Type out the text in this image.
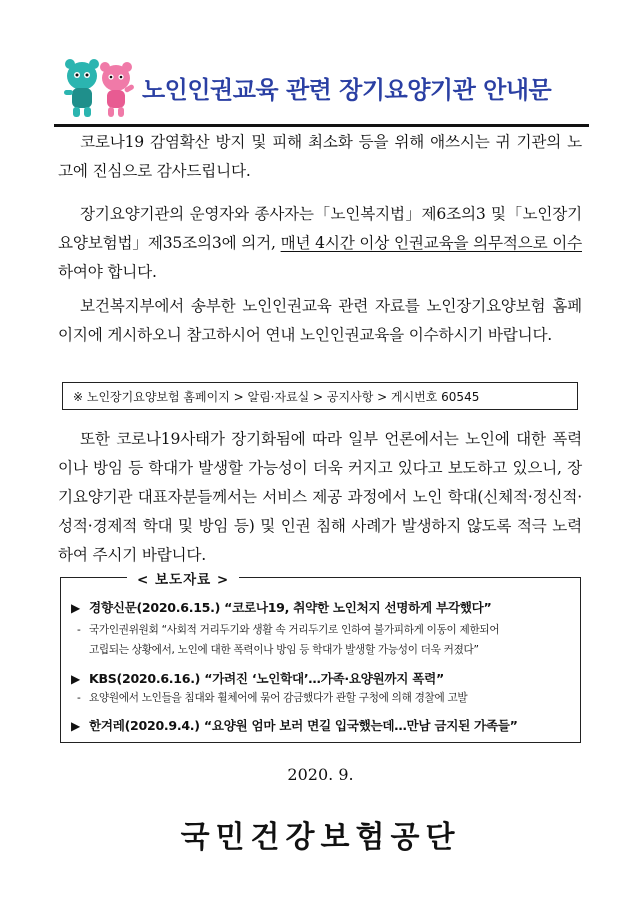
노인인권교육 관련 장기요양기관 안내문
코로나19 감염확산 방지 및 피해 최소화 등을 위해 애쓰시는 귀 기관의 노고에 진심으로 감사드립니다.
장기요양기관의 운영자와 종사자는「노인복지법」제6조의3 및「노인장기요양보험법」제35조의3에 의거, 매년 4시간 이상 인권교육을 의무적으로 이수하여야 합니다.
보건복지부에서 송부한 노인인권교육 관련 자료를 노인장기요양보험 홈페이지에 게시하오니 참고하시어 연내 노인인권교육을 이수하시기 바랍니다.
※ 노인장기요양보험 홈페이지 > 알림·자료실 > 공지사항 > 게시번호 60545
또한 코로나19사태가 장기화됨에 따라 일부 언론에서는 노인에 대한 폭력이나 방임 등 학대가 발생할 가능성이 더욱 커지고 있다고 보도하고 있으니, 장기요양기관 대표자분들께서는 서비스 제공 과정에서 노인 학대(신체적·정신적·성적·경제적 학대 및 방임 등) 및 인권 침해 사례가 발생하지 않도록 적극 노력하여 주시기 바랍니다.
< 보도자료 >
▶ 경향신문(2020.6.15.) “코로나19, 취약한 노인처지 선명하게 부각했다”
- 국가인권위원회 “사회적 거리두기와 생활 속 거리두기로 인하여 불가피하게 이동이 제한되어
고립되는 상황에서, 노인에 대한 폭력이나 방임 등 학대가 발생할 가능성이 더욱 커졌다”
▶ KBS(2020.6.16.) “가려진 ‘노인학대’…가족·요양원까지 폭력”
- 요양원에서 노인들을 침대와 휠체어에 묶어 감금했다가 관할 구청에 의해 경찰에 고발
▶ 한겨레(2020.9.4.) “요양원 엄마 보러 면길 입국했는데…만남 금지된 가족들”
2020. 9.
국민건강보험공단
